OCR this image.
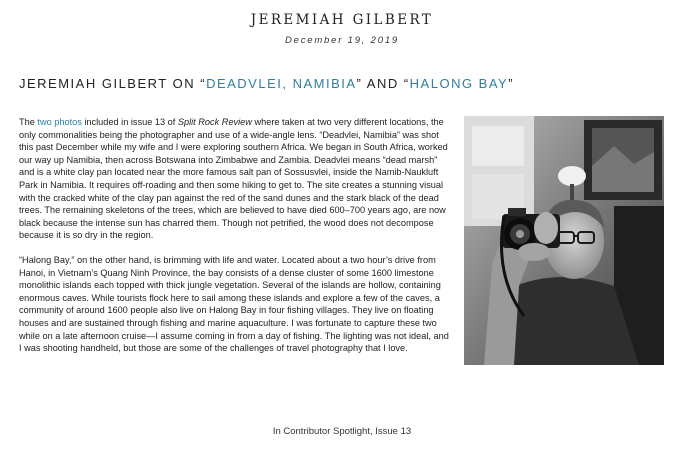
JEREMIAH GILBERT
December 19, 2019
JEREMIAH GILBERT ON “DEADVLEI, NAMIBIA” AND “HALONG BAY”

The two photos included in issue 13 of Split Rock Review where taken at two very different locations, the only commonalities being the photographer and use of a wide-angle lens. “Deadvlei, Namibia” was shot this past December while my wife and I were exploring southern Africa. We began in South Africa, worked our way up Namibia, then across Botswana into Zimbabwe and Zambia. Deadvlei means “dead marsh” and is a white clay pan located near the more famous salt pan of Sossusvlei, inside the Namib-Naukluft Park in Namibia. It requires off-roading and then some hiking to get to. The site creates a stunning visual with the cracked white of the clay pan against the red of the sand dunes and the stark black of the dead trees. The remaining skeletons of the trees, which are believed to have died 600–700 years ago, are now black because the intense sun has charred them. Though not petrified, the wood does not decompose because it is so dry in the region.

“Halong Bay,” on the other hand, is brimming with life and water. Located about a two hour’s drive from Hanoi, in Vietnam’s Quang Ninh Province, the bay consists of a dense cluster of some 1600 limestone monolithic islands each topped with thick jungle vegetation. Several of the islands are hollow, containing enormous caves. While tourists flock here to sail among these islands and explore a few of the caves, a community of around 1600 people also live on Halong Bay in four fishing villages. They live on floating houses and are sustained through fishing and marine aquaculture. I was fortunate to capture these two while on a late afternoon cruise—I assume coming in from a day of fishing. The lighting was not ideal, and I was shooting handheld, but those are some of the challenges of travel photography that I love.

In Contributor Spotlight, Issue 13
